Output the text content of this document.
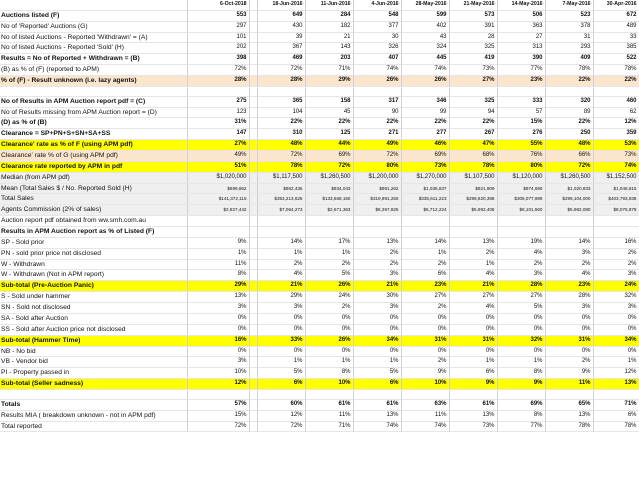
	6-Oct-2018		18-Jun-2016	11-Jun-2016	4-Jun-2016	28-May-2016	21-May-2016	14-May-2016	7-May-2016	30-Apr-2016
Auctions listed (F)	553		649	284	548	599	573	506	523	672
No of 'Reported' Auctions (G)	297		430	182	377	402	391	363	378	489
No of listed Auctions - Reported 'Withdrawn' = (A)	101		39	21	30	43	28	27	31	33
No of listed Auctions - Reported 'Sold' (H)	202		367	143	326	324	325	313	293	385
Results = No of Reported + Withdrawn = (B)	398		469	203	407	445	419	390	409	522
(B) as % of (F) (reported to APM)	72%		72%	71%	74%	74%	73%	77%	78%	78%
% of (F) - Result unknown (i.e. lazy agents)	28%		28%	29%	26%	26%	27%	23%	22%	22%

No of Results in APM Auction report pdf = (C)	275		365	158	317	346	325	333	320	460
No of Results missing from APM Auction report = (D)	123		104	45	90	99	94	57	89	62
(D) as % of (B)	31%		22%	22%	22%	22%	22%	15%	22%	12%
Clearance = SP+PN+S+SN+SA+SS	147		310	125	271	277	267	276	250	359
Clearance' rate as % of F (using APM pdf)	27%		48%	44%	49%	46%	47%	55%	48%	53%
Clearance' rate % of G (using APM pdf)	49%		72%	69%	72%	69%	68%	76%	66%	73%
Clearance rate reported by APM in pdf	51%		78%	72%	80%	73%	78%	80%	72%	74%
Median (from APM pdf)	$1,020,000		$1,117,500	$1,260,500	$1,200,000	$1,270,000	$1,107,500	$1,120,000	$1,260,500	$1,152,500
Mean (Total Sales $ / No. Reported Sold (H)	$699,862		$962,435	$934,043	$981,262	$1,035,837	$921,909	$974,690	$1,020,833	$1,048,815
Total Sales	$141,372,115		$353,213,625	$133,568,150	$319,891,250	$335,611,223	$299,620,398	$305,077,989	$299,104,000	$403,793,938
Agents Commission (2% of sales)	$2,827,442		$7,064,273	$2,671,363	$6,397,825	$6,712,224	$5,992,408	$6,101,560	$5,982,080	$8,075,879
Auction report pdf obtained from ww.smh.com.au										
Results in APM Auction report as % of Listed (F)										
SP - Sold prior	9%		14%	17%	13%	14%	13%	19%	14%	16%
PN - sold prior price not disclosed	1%		1%	1%	2%	1%	2%	4%	3%	2%
W - Withdrawn	11%		2%	2%	2%	2%	1%	2%	2%	2%
W - Withdrawn (Not in APM report)	8%		4%	5%	3%	6%	4%	3%	4%	3%
Sub-total (Pre-Auction Panic)	29%		21%	26%	21%	23%	21%	28%	23%	24%
S - Sold under hammer	13%		29%	24%	30%	27%	27%	27%	28%	32%
SN - Sold not disclosed	3%		3%	2%	3%	2%	4%	5%	3%	3%
SA - Sold after Auction	0%		0%	0%	0%	0%	0%	0%	0%	0%
SS - Sold after Auction price not disclosed	0%		0%	0%	0%	0%	0%	0%	0%	0%
Sub-total (Hammer Time)	16%		33%	26%	34%	31%	31%	32%	31%	34%
NB - No bid	0%		0%	0%	0%	0%	0%	0%	0%	0%
VB - Vendor bid	3%		1%	1%	1%	2%	1%	1%	2%	1%
PI - Property passed in	10%		5%	8%	5%	9%	6%	8%	9%	12%
Sub-total (Seller sadness)	12%		6%	10%	6%	10%	9%	9%	11%	13%

Totals	57%		60%	61%	61%	63%	61%	69%	65%	71%
Results MIA ( breakdown unknown - not in APM pdf)	15%		12%	11%	13%	11%	13%	8%	13%	6%
Total reported	72%		72%	71%	74%	74%	73%	77%	78%	78%
